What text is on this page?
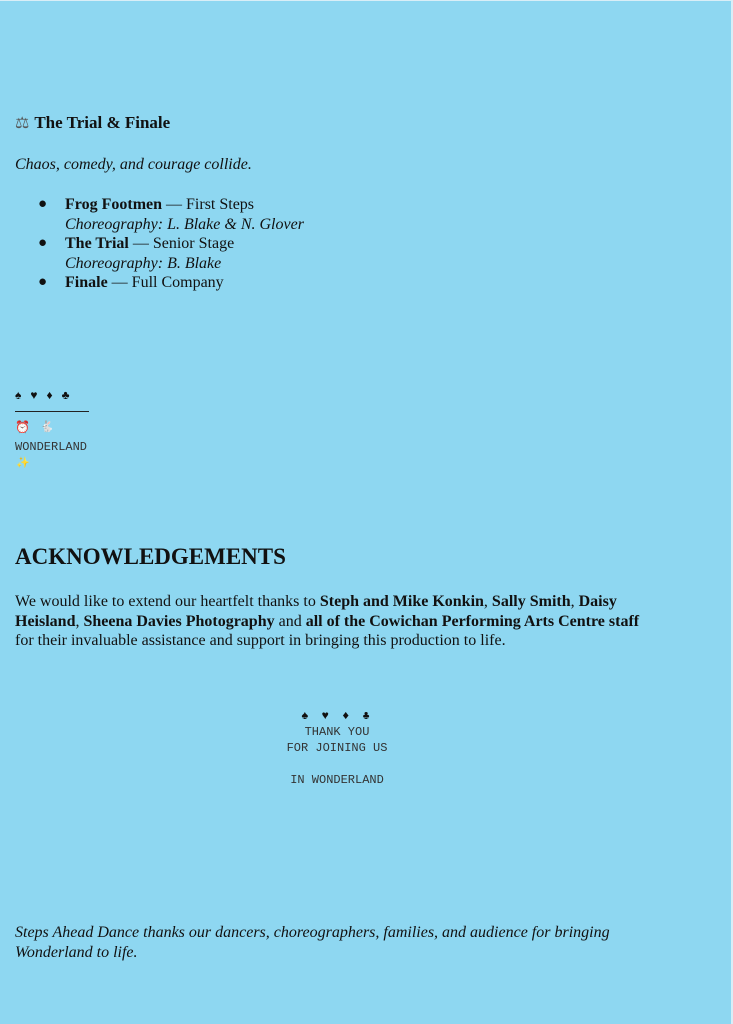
⚖ The Trial & Finale
Chaos, comedy, and courage collide.
● Frog Footmen — First Steps
Choreography: L. Blake & N. Glover
● The Trial — Senior Stage
Choreography: B. Blake
● Finale — Full Company
♠ ♥ ♦ ♣
⏰ 🐇
WONDERLAND
✨
ACKNOWLEDGEMENTS

We would like to extend our heartfelt thanks to Steph and Mike Konkin, Sally Smith, Daisy Heisland, Sheena Davies Photography and all of the Cowichan Performing Arts Centre staff for their invaluable assistance and support in bringing this production to life.

♠ ♥ ♦ ♣
THANK YOU
FOR JOINING US
IN WONDERLAND

Steps Ahead Dance thanks our dancers, choreographers, families, and audience for bringing Wonderland to life.
